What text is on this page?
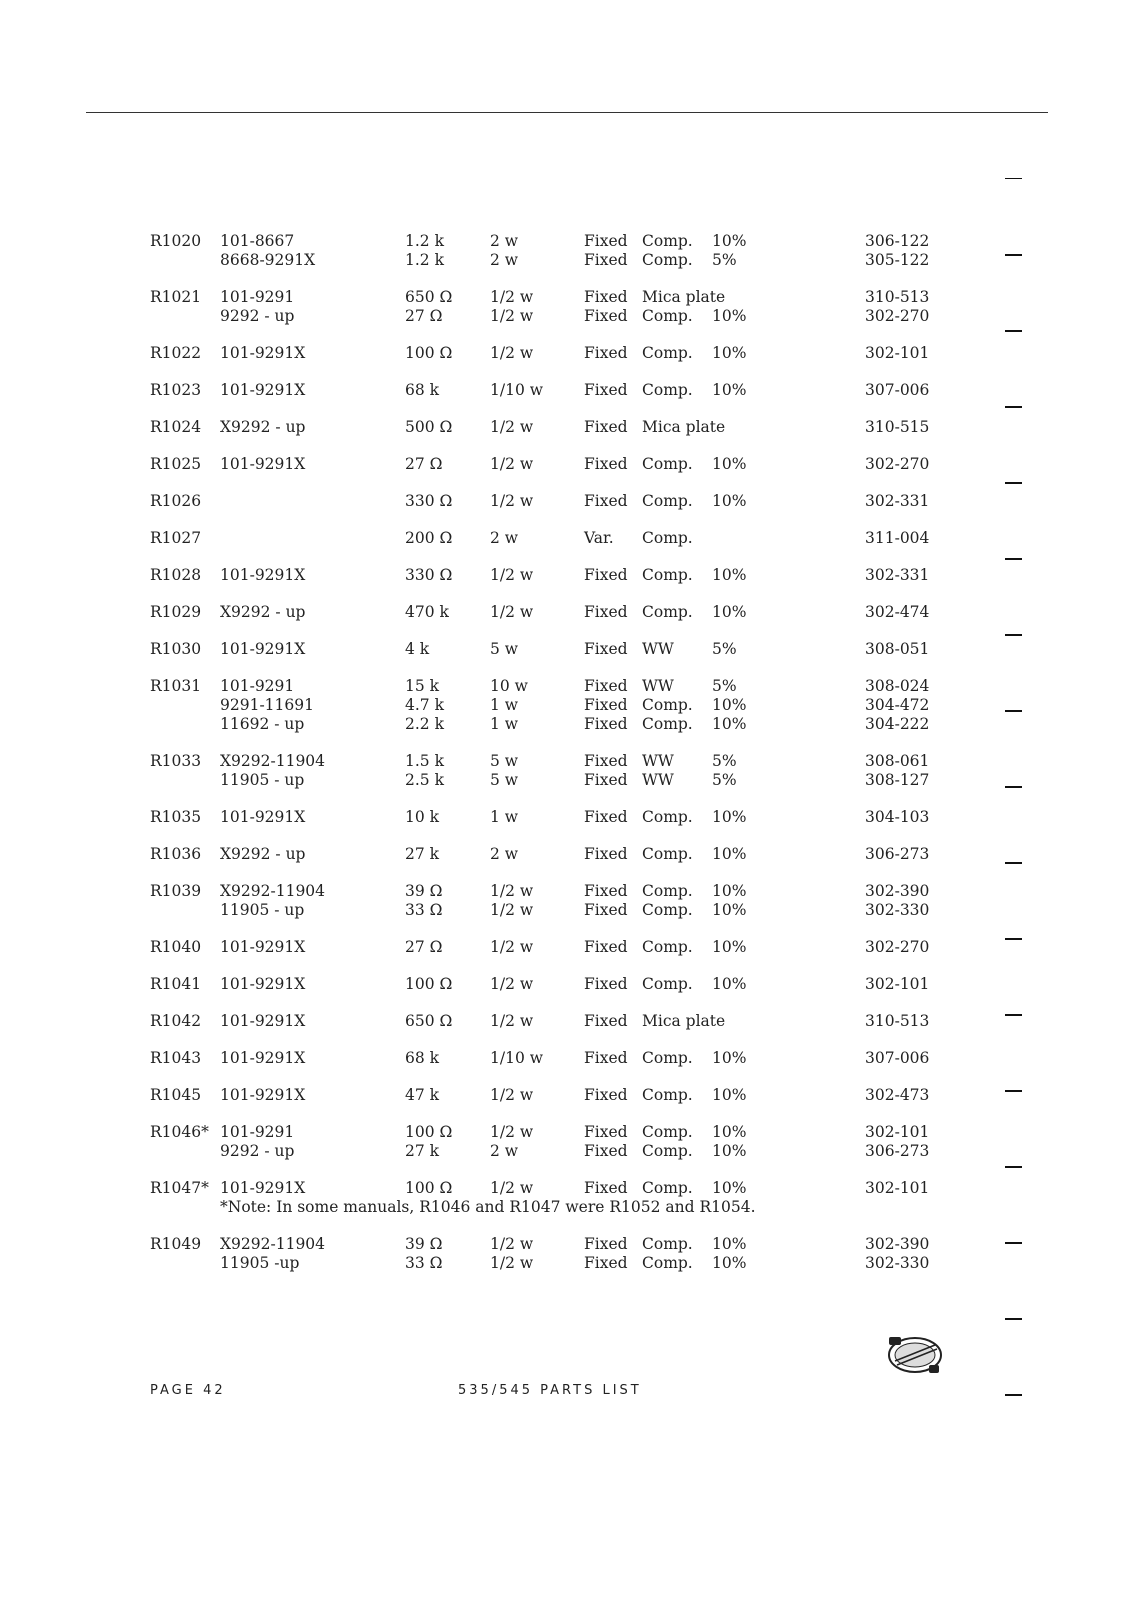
R1020 101-8667	1.2 k	2 w	Fixed Comp. 10%	306-122
8668-9291X	1.2 k	2 w	Fixed Comp. 5%	305-122
R1021 101-9291	650 Ω 1/2 w	Fixed Mica plate	310-513
9292 - up	27 Ω	1/2 w	Fixed Comp. 10%	302-270
R1022 101-9291X	100 Ω 1/2 w	Fixed Comp. 10%	302-101
R1023 101-9291X	68 k	1/10 w	Fixed Comp. 10%	307-006
R1024 X9292 - up	500 Ω 1/2 w	Fixed Mica plate	310-515
R1025 101-9291X	27 Ω	1/2 w	Fixed Comp. 10%	302-270
R1026	330 Ω 1/2 w	Fixed Comp. 10%	302-331
R1027	200 Ω 2 w	Var. Comp.	311-004
R1028 101-9291X	330 Ω 1/2 w	Fixed Comp. 10%	302-331
R1029 X9292 - up	470 k	1/2 w	Fixed Comp. 10%	302-474
R1030 101-9291X	4 k	5 w	Fixed WW 5%	308-051
R1031 101-9291	15 k	10 w	Fixed WW 5%	308-024
9291-11691	4.7 k	1 w	Fixed Comp. 10%	304-472
11692 - up	2.2 k	1 w	Fixed Comp. 10%	304-222
R1033 X9292-11904	1.5 k	5 w	Fixed WW 5%	308-061
11905 - up	2.5 k	5 w	Fixed WW 5%	308-127
R1035 101-9291X	10 k	1 w	Fixed Comp. 10%	304-103
R1036 X9292 - up	27 k	2 w	Fixed Comp. 10%	306-273
R1039 X9292-11904	39 Ω	1/2 w	Fixed Comp. 10%	302-390
11905 - up	33 Ω	1/2 w	Fixed Comp. 10%	302-330
R1040 101-9291X	27 Ω	1/2 w	Fixed Comp. 10%	302-270
R1041 101-9291X	100 Ω 1/2 w	Fixed Comp. 10%	302-101
R1042 101-9291X	650 Ω 1/2 w	Fixed Mica plate	310-513
R1043 101-9291X	68 k	1/10 w	Fixed Comp. 10%	307-006
R1045 101-9291X	47 k	1/2 w	Fixed Comp. 10%	302-473
R1046* 101-9291	100 Ω 1/2 w	Fixed Comp. 10%	302-101
9292 - up	27 k	2 w	Fixed Comp. 10%	306-273
R1047* 101-9291X	100 Ω 1/2 w	Fixed Comp. 10%	302-101
*Note: In some manuals, R1046 and R1047 were R1052 and R1054.
R1049 X9292-11904	39 Ω	1/2 w	Fixed Comp. 10%	302-390
11905 -up	33 Ω	1/2 w	Fixed Comp. 10%	302-330
PAGE 42	535/545 PARTS LIST
